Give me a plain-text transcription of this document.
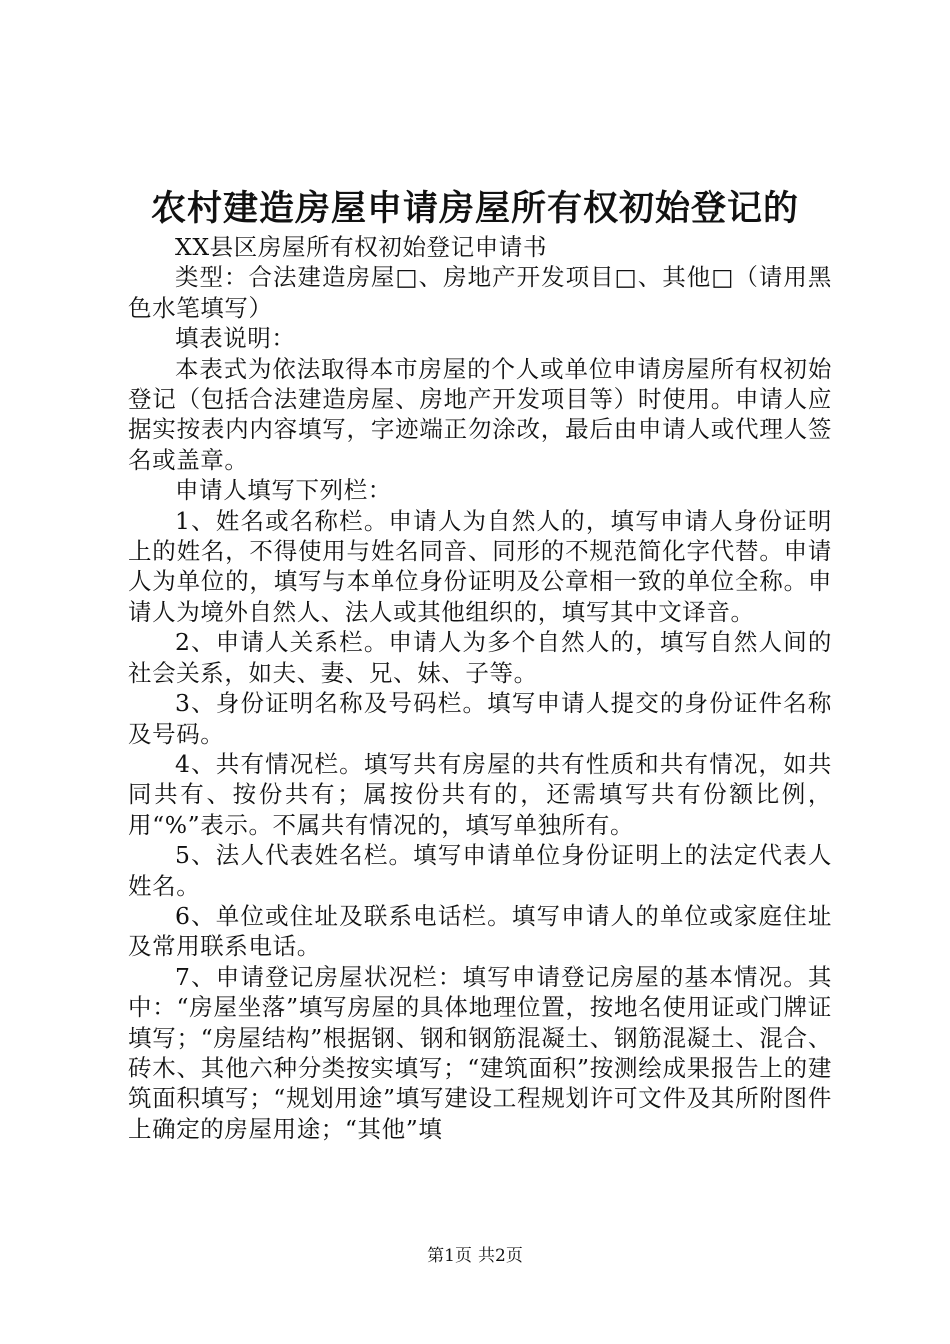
农村建造房屋申请房屋所有权初始登记的

XX县区房屋所有权初始登记申请书

类型：合法建造房屋□、房地产开发项目□、其他□（请用黑色水笔填写）

填表说明：

本表式为依法取得本市房屋的个人或单位申请房屋所有权初始登记（包括合法建造房屋、房地产开发项目等）时使用。申请人应据实按表内内容填写，字迹端正勿涂改，最后由申请人或代理人签名或盖章。

申请人填写下列栏：

1、姓名或名称栏。申请人为自然人的，填写申请人身份证明上的姓名，不得使用与姓名同音、同形的不规范简化字代替。申请人为单位的，填写与本单位身份证明及公章相一致的单位全称。申请人为境外自然人、法人或其他组织的，填写其中文译音。

2、申请人关系栏。申请人为多个自然人的，填写自然人间的社会关系，如夫、妻、兄、妹、子等。

3、身份证明名称及号码栏。填写申请人提交的身份证件名称及号码。

4、共有情况栏。填写共有房屋的共有性质和共有情况，如共同共有、按份共有；属按份共有的，还需填写共有份额比例，用“%”表示。不属共有情况的，填写单独所有。

5、法人代表姓名栏。填写申请单位身份证明上的法定代表人姓名。

6、单位或住址及联系电话栏。填写申请人的单位或家庭住址及常用联系电话。

7、申请登记房屋状况栏：填写申请登记房屋的基本情况。其中：“房屋坐落”填写房屋的具体地理位置，按地名使用证或门牌证填写；“房屋结构”根据钢、钢和钢筋混凝土、钢筋混凝土、混合、砖木、其他六种分类按实填写；“建筑面积”按测绘成果报告上的建筑面积填写；“规划用途”填写建设工程规划许可文件及其所附图件上确定的房屋用途；“其他”填

第1页 共2页
